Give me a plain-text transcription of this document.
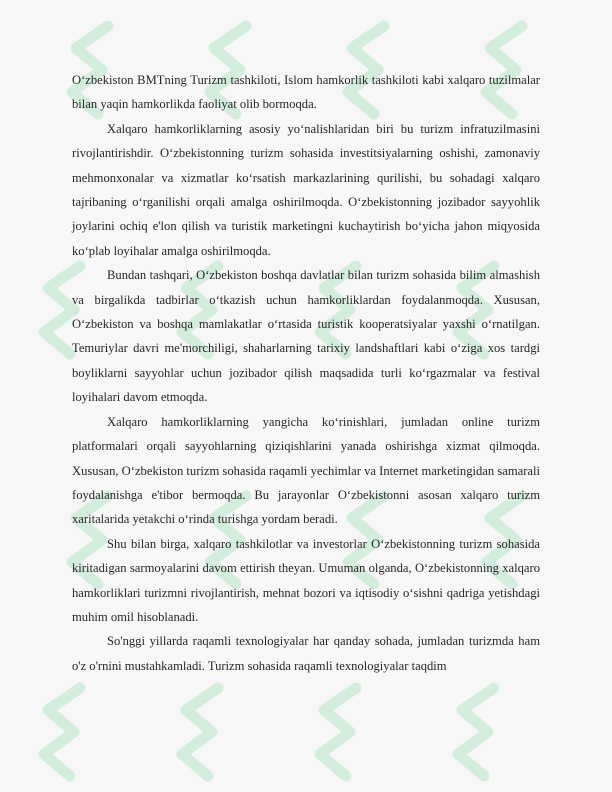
O‘zbekiston BMTning Turizm tashkiloti, Islom hamkorlik tashkiloti kabi xalqaro tuzilmalar bilan yaqin hamkorlikda faoliyat olib bormoqda.

Xalqaro hamkorliklarning asosiy yo‘nalishlaridan biri bu turizm infratuzilmasini rivojlantirishdir. O‘zbekistonning turizm sohasida investitsiyalarning oshishi, zamonaviy mehmonxonalar va xizmatlar ko‘rsatish markazlarining qurilishi, bu sohadagi xalqaro tajribaning o‘rganilishi orqali amalga oshirilmoqda. O‘zbekistonning jozibador sayyohlik joylarini ochiq e'lon qilish va turistik marketingni kuchaytirish bo‘yicha jahon miqyosida ko‘plab loyihalar amalga oshirilmoqda.

Bundan tashqari, O‘zbekiston boshqa davlatlar bilan turizm sohasida bilim almashish va birgalikda tadbirlar o‘tkazish uchun hamkorliklardan foydalanmoqda. Xususan, O‘zbekiston va boshqa mamlakatlar o‘rtasida turistik kooperatsiyalar yaxshi o‘rnatilgan. Temuriylar davri me'morchiligi, shaharlarning tarixiy landshaftlari kabi o‘ziga xos tardgi boyliklarni sayyohlar uchun jozibador qilish maqsadida turli ko‘rgazmalar va festival loyihalari davom etmoqda.

Xalqaro hamkorliklarning yangicha ko‘rinishlari, jumladan online turizm platformalari orqali sayyohlarning qiziqishlarini yanada oshirishga xizmat qilmoqda. Xususan, O‘zbekiston turizm sohasida raqamli yechimlar va Internet marketingidan samarali foydalanishga e'tibor bermoqda. Bu jarayonlar O‘zbekistonni asosan xalqaro turizm xaritalarida yetakchi o‘rinda turishga yordam beradi.

Shu bilan birga, xalqaro tashkilotlar va investorlar O‘zbekistonning turizm sohasida kiritadigan sarmoyalarini davom ettirish theyan. Umuman olganda, O‘zbekistonning xalqaro hamkorliklari turizmni rivojlantirish, mehnat bozori va iqtisodiy o‘sishni qadriga yetishdagi muhim omil hisoblanadi.

So'nggi yillarda raqamli texnologiyalar har qanday sohada, jumladan turizmda ham o'z o'rnini mustahkamladi. Turizm sohasida raqamli texnologiyalar taqdim
